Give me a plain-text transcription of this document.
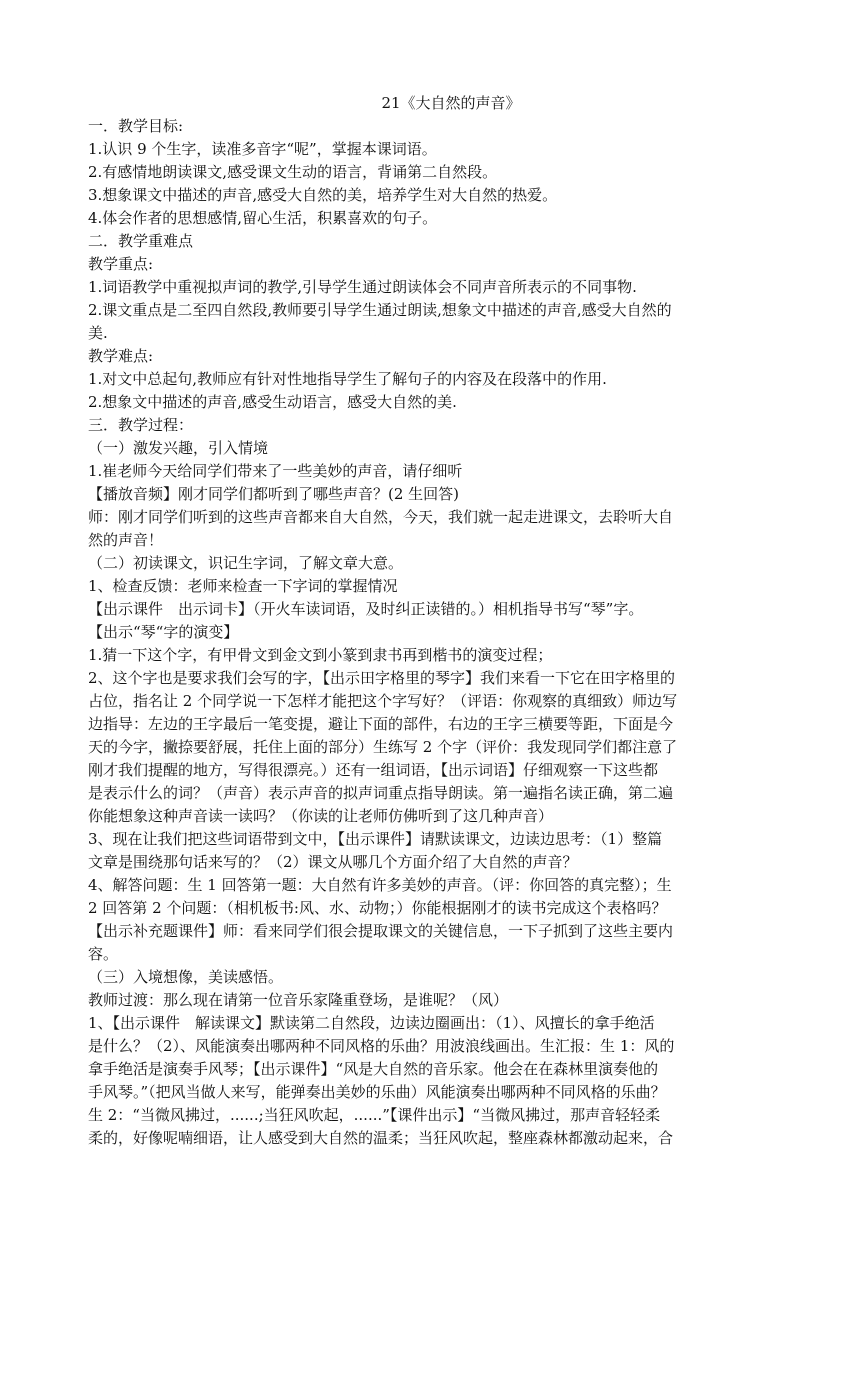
21《大自然的声音》

一．教学目标:

1.认识 9 个生字，读准多音字“呢”，掌握本课词语。

2.有感情地朗读课文,感受课文生动的语言，背诵第二自然段。

3.想象课文中描述的声音,感受大自然的美，培养学生对大自然的热爱。

4.体会作者的思想感情,留心生活，积累喜欢的句子。

二．教学重难点

教学重点:

1.词语教学中重视拟声词的教学,引导学生通过朗读体会不同声音所表示的不同事物.

2.课文重点是二至四自然段,教师要引导学生通过朗读,想象文中描述的声音,感受大自然的

美.

教学难点:

1.对文中总起句,教师应有针对性地指导学生了解句子的内容及在段落中的作用.

2.想象文中描述的声音,感受生动语言，感受大自然的美.

三．教学过程：

（一）激发兴趣，引入情境

1.崔老师今天给同学们带来了一些美妙的声音，请仔细听

【播放音频】刚才同学们都听到了哪些声音？(2 生回答)

师：刚才同学们听到的这些声音都来自大自然，今天，我们就一起走进课文，去聆听大自

然的声音！

（二）初读课文，识记生字词，了解文章大意。

1、检查反馈：老师来检查一下字词的掌握情况

【出示课件　出示词卡】（开火车读词语，及时纠正读错的。）相机指导书写“琴”字。

【出示“琴“字的演变】

1.猜一下这个字，有甲骨文到金文到小篆到隶书再到楷书的演变过程；

2、这个字也是要求我们会写的字，【出示田字格里的琴字】我们来看一下它在田字格里的

占位，指名让 2 个同学说一下怎样才能把这个字写好？（评语：你观察的真细致）师边写

边指导：左边的王字最后一笔变提，避让下面的部件，右边的王字三横要等距，下面是今

天的今字，撇捺要舒展，托住上面的部分）生练写 2 个字（评价：我发现同学们都注意了

刚才我们提醒的地方，写得很漂亮。）还有一组词语，【出示词语】仔细观察一下这些都

是表示什么的词？（声音）表示声音的拟声词重点指导朗读。第一遍指名读正确，第二遍

你能想象这种声音读一读吗？（你读的让老师仿佛听到了这几种声音）

3、现在让我们把这些词语带到文中，【出示课件】请默读课文，边读边思考：（1）整篇

文章是围绕那句话来写的？（2）课文从哪几个方面介绍了大自然的声音？

4、解答问题：生 1 回答第一题：大自然有许多美妙的声音。（评：你回答的真完整）；生

2 回答第 2 个问题：（相机板书:风、水、动物；）你能根据刚才的读书完成这个表格吗？

【出示补充题课件】师：看来同学们很会提取课文的关键信息，一下子抓到了这些主要内

容。

（三）入境想像，美读感悟。

教师过渡：那么现在请第一位音乐家隆重登场，是谁呢？（风）

1、【出示课件　解读课文】默读第二自然段，边读边圈画出：（1）、风擅长的拿手绝活

是什么？（2）、风能演奏出哪两种不同风格的乐曲？用波浪线画出。生汇报：生 1：风的

拿手绝活是演奏手风琴；【出示课件】“风是大自然的音乐家。他会在在森林里演奏他的

手风琴。”（把风当做人来写，能弹奏出美妙的乐曲）风能演奏出哪两种不同风格的乐曲？

生 2：“当微风拂过，......;当狂风吹起，......”【课件出示】“当微风拂过，那声音轻轻柔

柔的，好像呢喃细语，让人感受到大自然的温柔；当狂风吹起，整座森林都激动起来，合
